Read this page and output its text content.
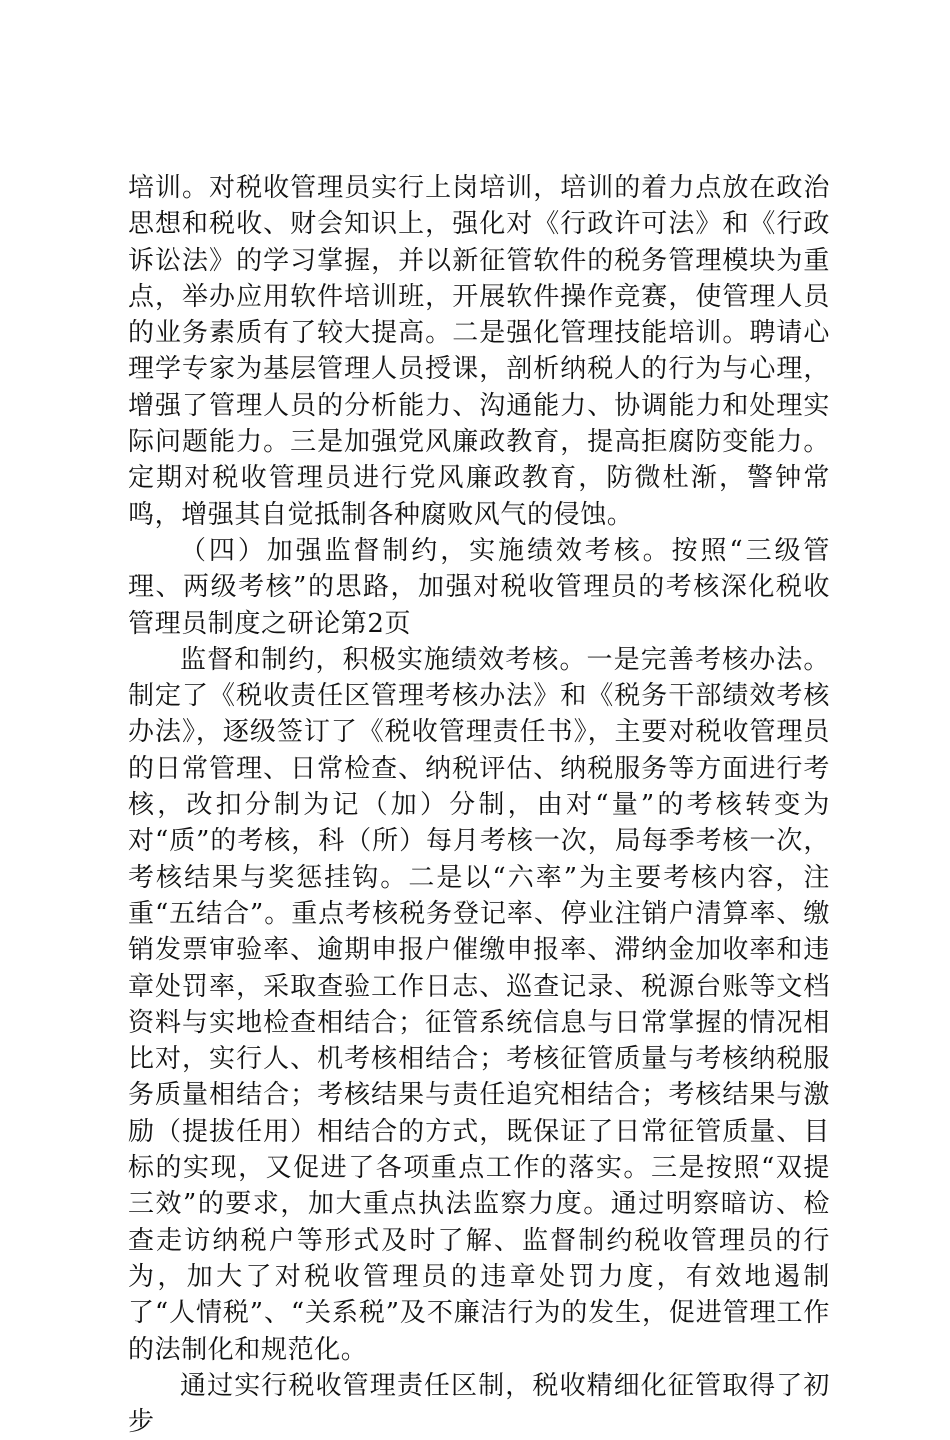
培训。对税收管理员实行上岗培训，培训的着力点放在政治思想和税收、财会知识上，强化对《行政许可法》和《行政诉讼法》的学习掌握，并以新征管软件的税务管理模块为重点，举办应用软件培训班，开展软件操作竞赛，使管理人员的业务素质有了较大提高。二是强化管理技能培训。聘请心理学专家为基层管理人员授课，剖析纳税人的行为与心理，增强了管理人员的分析能力、沟通能力、协调能力和处理实际问题能力。三是加强党风廉政教育，提高拒腐防变能力。定期对税收管理员进行党风廉政教育，防微杜渐，警钟常鸣，增强其自觉抵制各种腐败风气的侵蚀。

（四）加强监督制约，实施绩效考核。按照“三级管理、两级考核”的思路，加强对税收管理员的考核深化税收管理员制度之研论第2页

监督和制约，积极实施绩效考核。一是完善考核办法。制定了《税收责任区管理考核办法》和《税务干部绩效考核办法》，逐级签订了《税收管理责任书》，主要对税收管理员的日常管理、日常检查、纳税评估、纳税服务等方面进行考核，改扣分制为记（加）分制，由对“量”的考核转变为对“质”的考核，科（所）每月考核一次，局每季考核一次，考核结果与奖惩挂钩。二是以“六率”为主要考核内容，注重“五结合”。重点考核税务登记率、停业注销户清算率、缴销发票审验率、逾期申报户催缴申报率、滞纳金加收率和违章处罚率，采取查验工作日志、巡查记录、税源台账等文档资料与实地检查相结合；征管系统信息与日常掌握的情况相比对，实行人、机考核相结合；考核征管质量与考核纳税服务质量相结合；考核结果与责任追究相结合；考核结果与激励（提拔任用）相结合的方式，既保证了日常征管质量、目标的实现，又促进了各项重点工作的落实。三是按照“双提三效”的要求，加大重点执法监察力度。通过明察暗访、检查走访纳税户等形式及时了解、监督制约税收管理员的行为，加大了对税收管理员的违章处罚力度，有效地遏制了“人情税”、“关系税”及不廉洁行为的发生，促进管理工作的法制化和规范化。

通过实行税收管理责任区制，税收精细化征管取得了初步
